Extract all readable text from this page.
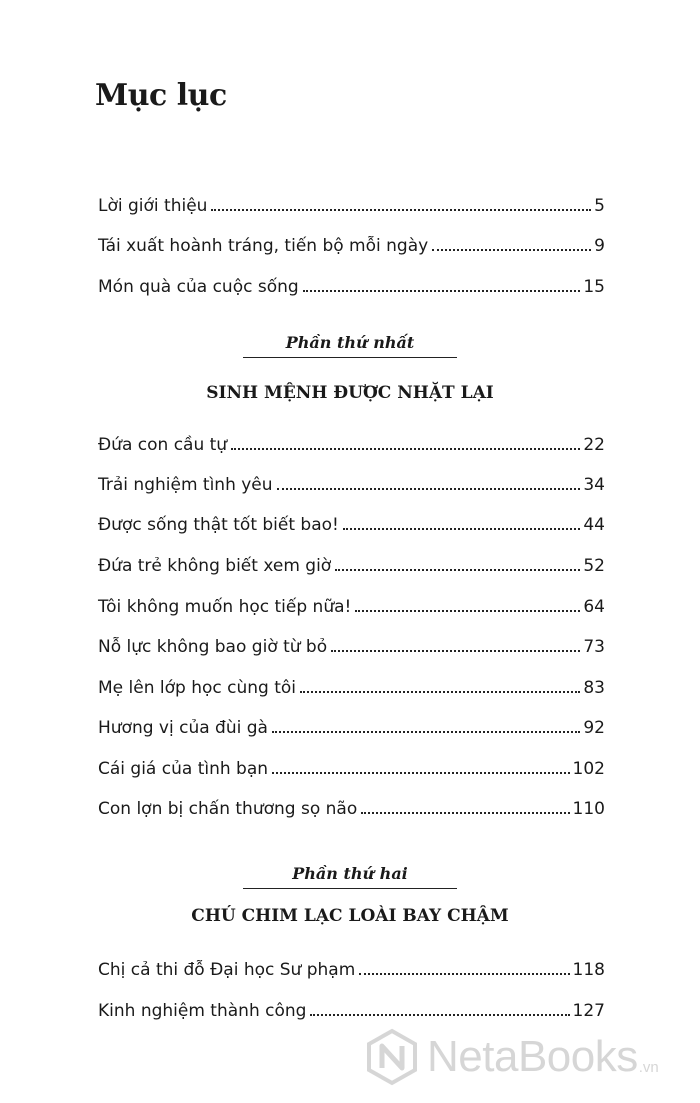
Mục lục
Lời giới thiệu	5
Tái xuất hoành tráng, tiến bộ mỗi ngày	9
Món quà của cuộc sống	15
Phần thứ nhất
SINH MỆNH ĐƯỢC NHẶT LẠI
Đứa con cầu tự	22
Trải nghiệm tình yêu	34
Được sống thật tốt biết bao!	44
Đứa trẻ không biết xem giờ	52
Tôi không muốn học tiếp nữa!	64
Nỗ lực không bao giờ từ bỏ	73
Mẹ lên lớp học cùng tôi	83
Hương vị của đùi gà	92
Cái giá của tình bạn	102
Con lợn bị chấn thương sọ não	110
Phần thứ hai
CHÚ CHIM LẠC LOÀI BAY CHẬM
Chị cả thi đỗ Đại học Sư phạm	118
Kinh nghiệm thành công	127
NetaBooks .vn
